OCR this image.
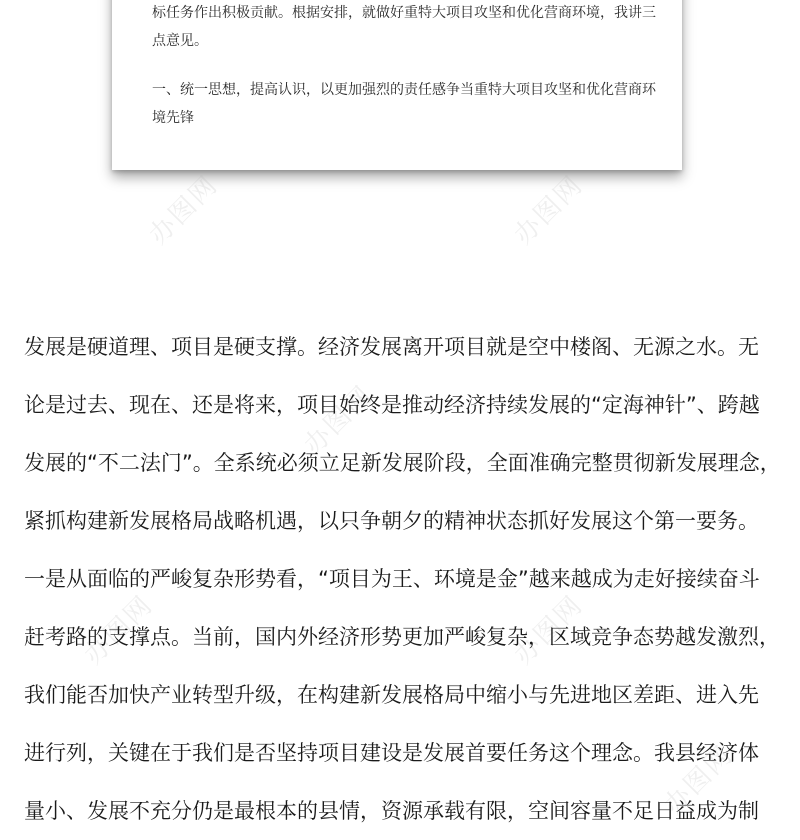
标任务作出积极贡献。根据安排，就做好重特大项目攻坚和优化营商环境，我讲三点意见。

一、统一思想，提高认识，以更加强烈的责任感争当重特大项目攻坚和优化营商环境先锋

办图网	办图网
办图网
办图网	办图网
办图网
发展是硬道理、项目是硬支撑。经济发展离开项目就是空中楼阁、无源之水。无
论是过去、现在、还是将来，项目始终是推动经济持续发展的“定海神针”、跨越
发展的“不二法门”。全系统必须立足新发展阶段，全面准确完整贯彻新发展理念，
紧抓构建新发展格局战略机遇，以只争朝夕的精神状态抓好发展这个第一要务。
一是从面临的严峻复杂形势看，“项目为王、环境是金”越来越成为走好接续奋斗
赶考路的支撑点。当前，国内外经济形势更加严峻复杂，区域竞争态势越发激烈，
我们能否加快产业转型升级，在构建新发展格局中缩小与先进地区差距、进入先
进行列，关键在于我们是否坚持项目建设是发展首要任务这个理念。我县经济体
量小、发展不充分仍是最根本的县情，资源承载有限，空间容量不足日益成为制
